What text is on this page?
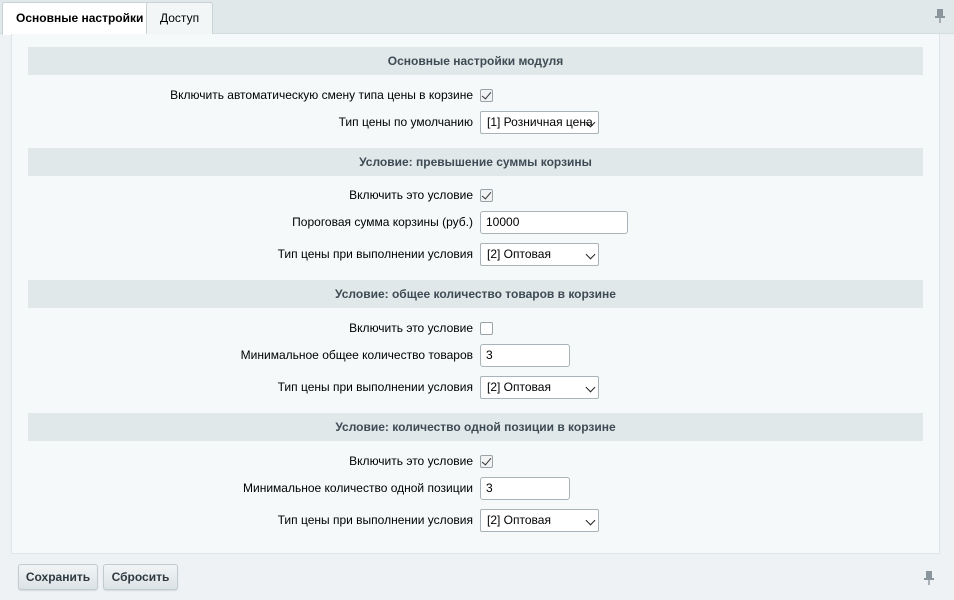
Основные настройки	Доступ
Основные настройки модуля
Включить автоматическую смену типа цены в корзине
Тип цены по умолчанию	[1] Розничная цена
Условие: превышение суммы корзины
Включить это условие
Пороговая сумма корзины (руб.)	10000
Тип цены при выполнении условия	[2] Оптовая
Условие: общее количество товаров в корзине
Включить это условие
Минимальное общее количество товаров	3
Тип цены при выполнении условия	[2] Оптовая
Условие: количество одной позиции в корзине
Включить это условие
Минимальное количество одной позиции	3
Тип цены при выполнении условия	[2] Оптовая
Сохранить	Сбросить
